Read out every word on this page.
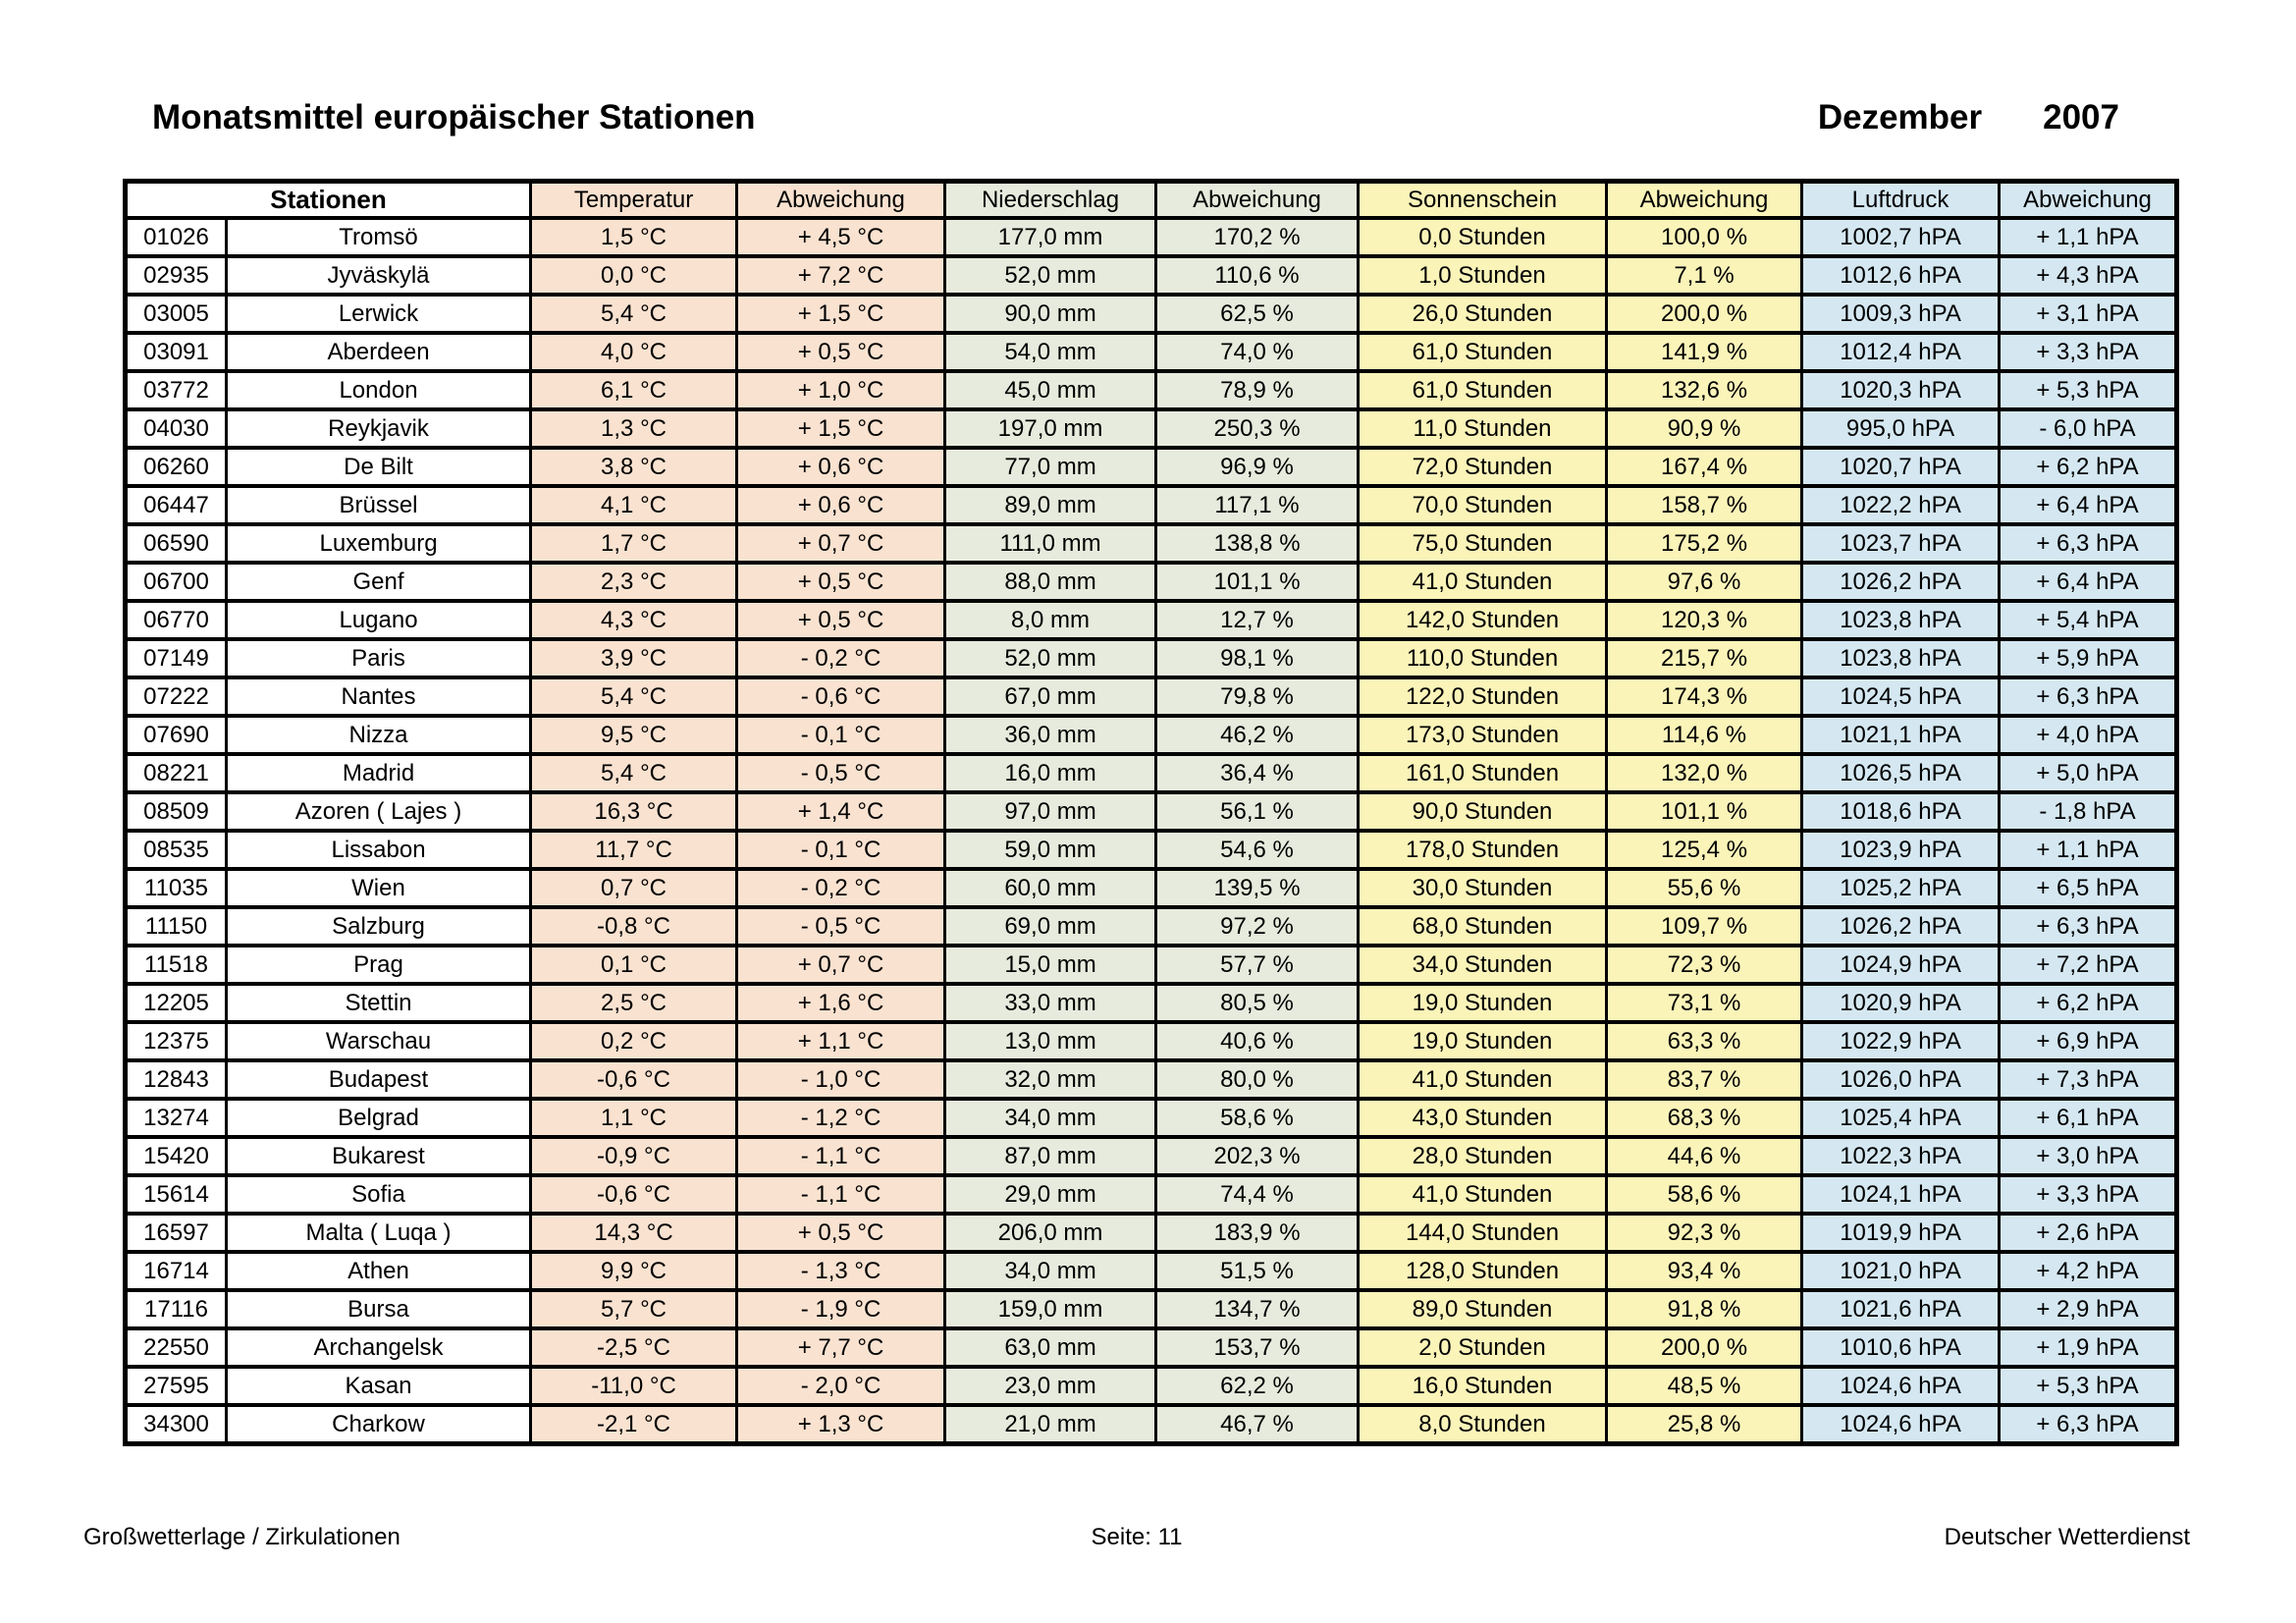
Monatsmittel europäischer Stationen	Dezember 2007
Stationen		Temperatur	Abweichung	Niederschlag	Abweichung	Sonnenschein	Abweichung	Luftdruck	Abweichung
01026	Tromsö	1,5 °C	+ 4,5 °C	177,0 mm	170,2 %	0,0 Stunden	100,0 %	1002,7 hPA	+ 1,1 hPA
02935	Jyväskylä	0,0 °C	+ 7,2 °C	52,0 mm	110,6 %	1,0 Stunden	7,1 %	1012,6 hPA	+ 4,3 hPA
03005	Lerwick	5,4 °C	+ 1,5 °C	90,0 mm	62,5 %	26,0 Stunden	200,0 %	1009,3 hPA	+ 3,1 hPA
03091	Aberdeen	4,0 °C	+ 0,5 °C	54,0 mm	74,0 %	61,0 Stunden	141,9 %	1012,4 hPA	+ 3,3 hPA
03772	London	6,1 °C	+ 1,0 °C	45,0 mm	78,9 %	61,0 Stunden	132,6 %	1020,3 hPA	+ 5,3 hPA
04030	Reykjavik	1,3 °C	+ 1,5 °C	197,0 mm	250,3 %	11,0 Stunden	90,9 %	995,0 hPA	- 6,0 hPA
06260	De Bilt	3,8 °C	+ 0,6 °C	77,0 mm	96,9 %	72,0 Stunden	167,4 %	1020,7 hPA	+ 6,2 hPA
06447	Brüssel	4,1 °C	+ 0,6 °C	89,0 mm	117,1 %	70,0 Stunden	158,7 %	1022,2 hPA	+ 6,4 hPA
06590	Luxemburg	1,7 °C	+ 0,7 °C	111,0 mm	138,8 %	75,0 Stunden	175,2 %	1023,7 hPA	+ 6,3 hPA
06700	Genf	2,3 °C	+ 0,5 °C	88,0 mm	101,1 %	41,0 Stunden	97,6 %	1026,2 hPA	+ 6,4 hPA
06770	Lugano	4,3 °C	+ 0,5 °C	8,0 mm	12,7 %	142,0 Stunden	120,3 %	1023,8 hPA	+ 5,4 hPA
07149	Paris	3,9 °C	- 0,2 °C	52,0 mm	98,1 %	110,0 Stunden	215,7 %	1023,8 hPA	+ 5,9 hPA
07222	Nantes	5,4 °C	- 0,6 °C	67,0 mm	79,8 %	122,0 Stunden	174,3 %	1024,5 hPA	+ 6,3 hPA
07690	Nizza	9,5 °C	- 0,1 °C	36,0 mm	46,2 %	173,0 Stunden	114,6 %	1021,1 hPA	+ 4,0 hPA
08221	Madrid	5,4 °C	- 0,5 °C	16,0 mm	36,4 %	161,0 Stunden	132,0 %	1026,5 hPA	+ 5,0 hPA
08509	Azoren ( Lajes )	16,3 °C	+ 1,4 °C	97,0 mm	56,1 %	90,0 Stunden	101,1 %	1018,6 hPA	- 1,8 hPA
08535	Lissabon	11,7 °C	- 0,1 °C	59,0 mm	54,6 %	178,0 Stunden	125,4 %	1023,9 hPA	+ 1,1 hPA
11035	Wien	0,7 °C	- 0,2 °C	60,0 mm	139,5 %	30,0 Stunden	55,6 %	1025,2 hPA	+ 6,5 hPA
11150	Salzburg	-0,8 °C	- 0,5 °C	69,0 mm	97,2 %	68,0 Stunden	109,7 %	1026,2 hPA	+ 6,3 hPA
11518	Prag	0,1 °C	+ 0,7 °C	15,0 mm	57,7 %	34,0 Stunden	72,3 %	1024,9 hPA	+ 7,2 hPA
12205	Stettin	2,5 °C	+ 1,6 °C	33,0 mm	80,5 %	19,0 Stunden	73,1 %	1020,9 hPA	+ 6,2 hPA
12375	Warschau	0,2 °C	+ 1,1 °C	13,0 mm	40,6 %	19,0 Stunden	63,3 %	1022,9 hPA	+ 6,9 hPA
12843	Budapest	-0,6 °C	- 1,0 °C	32,0 mm	80,0 %	41,0 Stunden	83,7 %	1026,0 hPA	+ 7,3 hPA
13274	Belgrad	1,1 °C	- 1,2 °C	34,0 mm	58,6 %	43,0 Stunden	68,3 %	1025,4 hPA	+ 6,1 hPA
15420	Bukarest	-0,9 °C	- 1,1 °C	87,0 mm	202,3 %	28,0 Stunden	44,6 %	1022,3 hPA	+ 3,0 hPA
15614	Sofia	-0,6 °C	- 1,1 °C	29,0 mm	74,4 %	41,0 Stunden	58,6 %	1024,1 hPA	+ 3,3 hPA
16597	Malta ( Luqa )	14,3 °C	+ 0,5 °C	206,0 mm	183,9 %	144,0 Stunden	92,3 %	1019,9 hPA	+ 2,6 hPA
16714	Athen	9,9 °C	- 1,3 °C	34,0 mm	51,5 %	128,0 Stunden	93,4 %	1021,0 hPA	+ 4,2 hPA
17116	Bursa	5,7 °C	- 1,9 °C	159,0 mm	134,7 %	89,0 Stunden	91,8 %	1021,6 hPA	+ 2,9 hPA
22550	Archangelsk	-2,5 °C	+ 7,7 °C	63,0 mm	153,7 %	2,0 Stunden	200,0 %	1010,6 hPA	+ 1,9 hPA
27595	Kasan	-11,0 °C	- 2,0 °C	23,0 mm	62,2 %	16,0 Stunden	48,5 %	1024,6 hPA	+ 5,3 hPA
34300	Charkow	-2,1 °C	+ 1,3 °C	21,0 mm	46,7 %	8,0 Stunden	25,8 %	1024,6 hPA	+ 6,3 hPA
Großwetterlage / Zirkulationen	Seite: 11	Deutscher Wetterdienst
